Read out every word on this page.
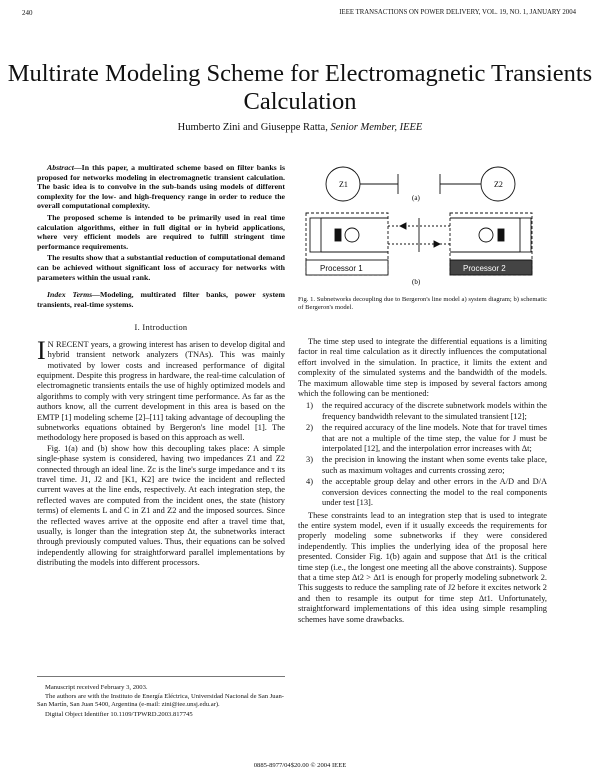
240	IEEE TRANSACTIONS ON POWER DELIVERY, VOL. 19, NO. 1, JANUARY 2004
Multirate Modeling Scheme for Electromagnetic Transients Calculation
Humberto Zini and Giuseppe Ratta, Senior Member, IEEE

Abstract—In this paper, a multirated scheme based on filter banks is proposed for networks modeling in electromagnetic transient calculation. The basic idea is to convolve in the sub-bands using models of different complexity for the low- and high-frequency range in order to reduce the overall computational complexity.

The proposed scheme is intended to be primarily used in real time calculation algorithms, either in full digital or in hybrid applications, where very efficient models are required to fulfill stringent time performance requirements.

The results show that a substantial reduction of computational demand can be achieved without significant loss of accuracy for networks with parameters within the usual rank.

Index Terms—Modeling, multirated filter banks, power system transients, real-time systems.

I. Introduction

I N RECENT years, a growing interest has arisen to develop digital and hybrid transient network analyzers (TNAs). This was mainly motivated by lower costs and increased performance of digital equipment. Despite this progress in hardware, the real-time calculation of electromagnetic transients entails the use of highly optimized models and algorithms to comply with very stringent time performance. As far as the authors know, all the current development in this area is based on the EMTP [1] modeling scheme [2]–[11] taking advantage of decoupling the subnetworks equations obtained by Bergeron's line model [1]. The methodology here proposed is based on this approach as well.

Fig. 1(a) and (b) show how this decoupling takes place: A simple single-phase system is considered, having two impedances Z1 and Z2 connected through an ideal line. Zc is the line's surge impedance and τ its travel time. J1, J2 and [K1, K2] are twice the incident and reflected current waves at the line ends, respectively. At each integration step, the reflected waves are computed from the incident ones, the state (history terms) of elements L and C in Z1 and Z2 and the imposed sources. Since the reflected waves arrive at the opposite end after a travel time that, usually, is longer than the integration step Δt, the subnetworks interact through previously computed values. Thus, their equations can be solved independently allowing for straightforward parallel implementations by distributing the models into different processors.

Manuscript received February 3, 2003.

The authors are with the Instituto de Energía Eléctrica, Universidad Nacional de San Juan-San Martín, San Juan 5400, Argentina (e-mail: zini@iee.unsj.edu.ar).

Digital Object Identifier 10.1109/TPWRD.2003.817745

Z1	Z2
(a)
(b)
Processor 1	Processor 2
Fig. 1. Subnetworks decoupling due to Bergeron's line model a) system diagram; b) schematic of Bergeron's model.

The time step used to integrate the differential equations is a limiting factor in real time calculation as it directly influences the computational effort involved in the simulation. In practice, it limits the extent and complexity of the simulated systems and the bandwidth of the models. The maximum allowable time step is imposed by several factors among which the following can be mentioned:

1) the required accuracy of the discrete subnetwork models within the frequency bandwidth relevant to the simulated transient [12];
2) the required accuracy of the line models. Note that for travel times that are not a multiple of the time step, the value for J must be interpolated [12], and the interpolation error increases with Δt;
3) the precision in knowing the instant when some events take place, such as maximum voltages and currents crossing zero;
4) the acceptable group delay and other errors in the A/D and D/A conversion devices connecting the model to the real components under test [13].

These constraints lead to an integration step that is used to integrate the entire system model, even if it usually exceeds the requirements for properly modeling some subnetworks if they were considered independently. This implies the underlying idea of the proposal here presented. Consider Fig. 1(b) again and suppose that Δt1 is the critical time step (i.e., the longest one meeting all the above constraints). Suppose that a time step Δt2 > Δt1 is enough for properly modeling subnetwork 2. This suggests to reduce the sampling rate of J2 before it excites network 2 and then to resample its output for time step Δt1. Unfortunately, straightforward implementations of this idea using simple resampling schemes have some drawbacks.

0885-8977/04$20.00 © 2004 IEEE
